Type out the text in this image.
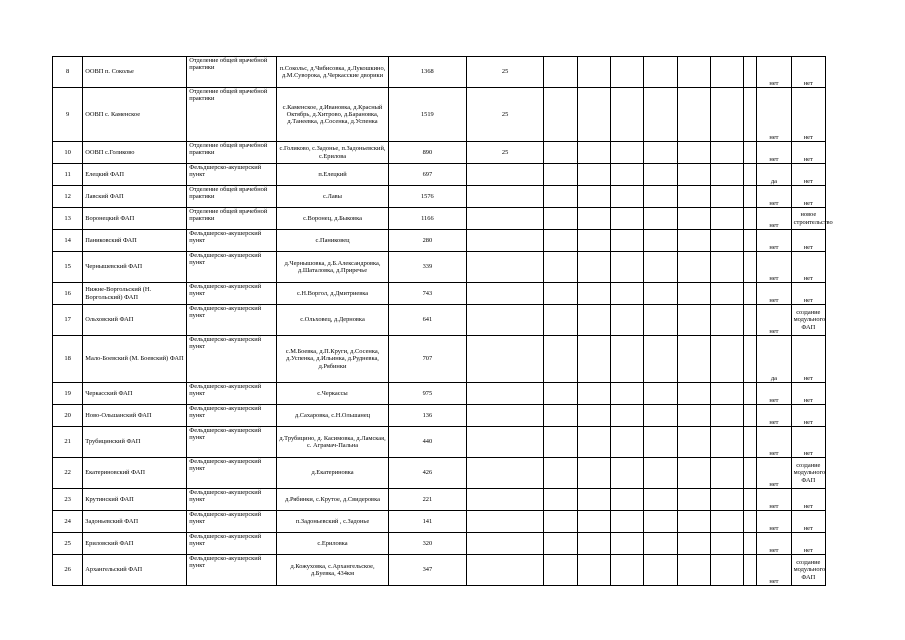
8	ООВП п. Соколье	Отделение общей врачебной практики	п.Сокольс, д.Чибисовка, д.Лукошкино, д.М.Суворока, д.Черкасские дворики	1368	25								нет	нет
9	ООВП с. Каменское	Отделение общей врачебной практики	с.Каменское, д.Ивановка, д.Красный Октябрь, д.Хитрово, д.Барановка, д.Танеевка, д.Сосенка, д.Успенка	1519	25								нет	нет
10	ООВП с.Голиково	Отделение общей врачебной практики	с.Голиково, с.Задонье, п.Задоньевский, с.Ерилова	890	25								нет	нет
11	Елецкий ФАП	Фельдшерско-акушерский пункт	п.Елецкий	697									да	нет
12	Лавский ФАП	Отделение общей врачебной практики	с.Лавы	1576									нет	нет
13	Воронецкий ФАП	Отделение общей врачебной практики	с.Воронец, д.Быковка	1166									нет	новое строительство
14	Паниковский ФАП	Фельдшерско-акушерский пункт	с.Паниковец	280									нет	нет
15	Чернышевский ФАП	Фельдшерско-акушерский пункт	д.Чернышовка, д.Б.Александровка, д.Шаталовка, д.Приречье	339									нет	нет
16	Нижне-Воргольский (Н. Воргольский) ФАП	Фельдшерско-акушерский пункт	с.Н.Воргол, д.Дмитриевка	743									нет	нет
17	Ольховский ФАП	Фельдшерско-акушерский пункт	с.Ольховец, д.Дерновка	641									нет	создание модульного ФАП
18	Мало-Боевский (М. Боевский) ФАП	Фельдшерско-акушерский пункт	с.М.Боевка, д.П.Круги, д.Сосенка, д.Успенка, д.Ильинка, д.Рудневка, д.Рябинки	707									да	нет
19	Черкасский ФАП	Фельдшерско-акушерский пункт	с.Черкассы	975									нет	нет
20	Ново-Ольшанский ФАП	Фельдшерско-акушерский пункт	д.Сахаровка, с.Н.Ольшанец	136									нет	нет
21	Трубицинский ФАП	Фельдшерско-акушерский пункт	д.Трубицино, д. Касимовка, д.Ламская, с. Аграмач-Пальна	440									нет	нет
22	Екатериновский ФАП	Фельдшерско-акушерский пункт	д.Екатериновка	426									нет	создание модульного ФАП
23	Крутинский ФАП	Фельдшерско-акушерский пункт	д.Рябинки, с.Крутое, д.Свидеровка	221									нет	нет
24	Задоньевский ФАП	Фельдшерско-акушерский пункт	п.Задоньевский , с.Задонье	141									нет	нет
25	Ериловский ФАП	Фельдшерско-акушерский пункт	с.Ериловка	320									нет	нет
26	Архангельский ФАП	Фельдшерско-акушерский пункт	д.Кожуховка, с.Архангельское, д.Буевка, 434км	347									нет	создание модульного ФАП
